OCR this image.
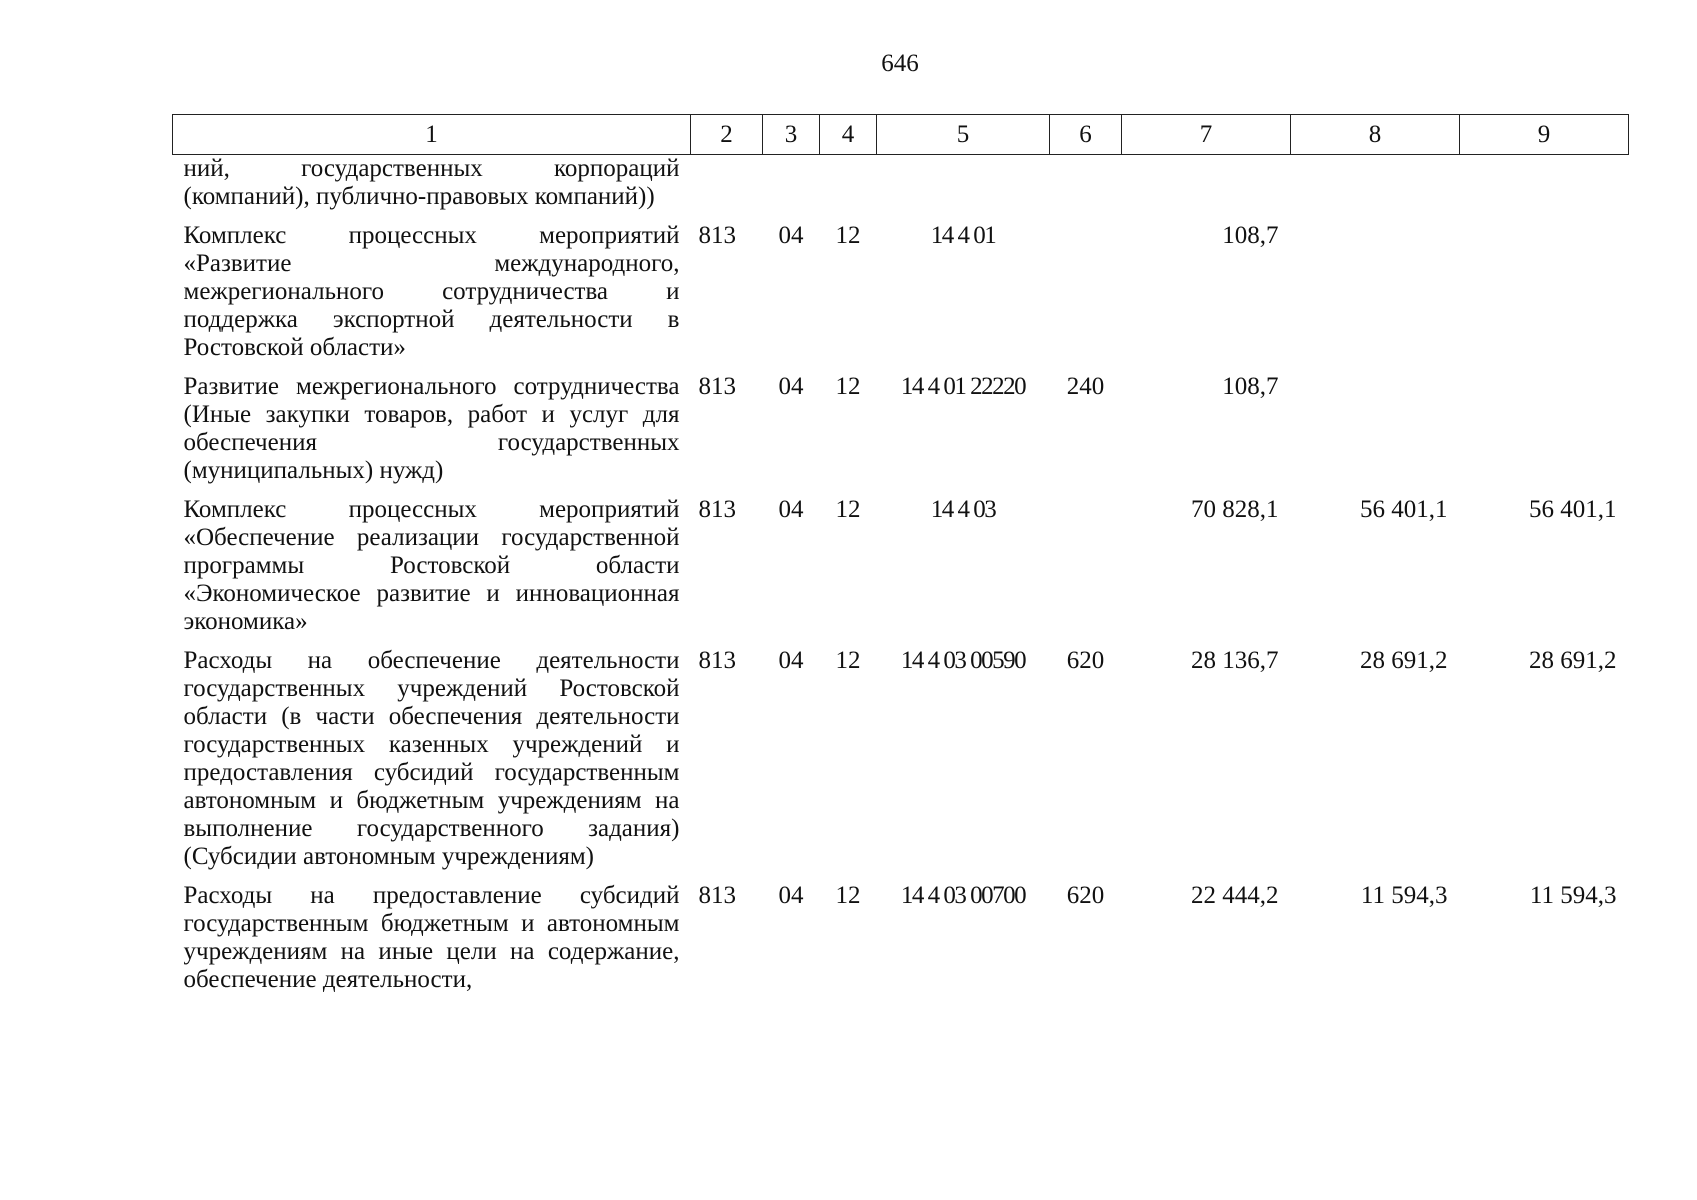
646
1	2	3	4	5	6	7	8	9
ний, государственных корпораций (компаний), публично-правовых компаний))								
Комплекс процессных мероприятий «Развитие международного, межрегионального сотрудничества и поддержка экспортной деятельности в Ростовской области»	813	04	12	14 4 01		108,7		
Развитие межрегионального сотрудничества (Иные закупки товаров, работ и услуг для обеспечения государственных (муниципальных) нужд)	813	04	12	14 4 01 22220	240	108,7		
Комплекс процессных мероприятий «Обеспечение реализации государственной программы Ростовской области «Экономическое развитие и инновационная экономика»	813	04	12	14 4 03		70 828,1	56 401,1	56 401,1
Расходы на обеспечение деятельности государственных учреждений Ростовской области (в части обеспечения деятельности государственных казенных учреждений и предоставления субсидий государственным автономным и бюджетным учреждениям на выполнение государственного задания) (Субсидии автономным учреждениям)	813	04	12	14 4 03 00590	620	28 136,7	28 691,2	28 691,2
Расходы на предоставление субсидий государственным бюджетным и автономным учреждениям на иные цели на содержание, обеспечение деятельности,	813	04	12	14 4 03 00700	620	22 444,2	11 594,3	11 594,3
